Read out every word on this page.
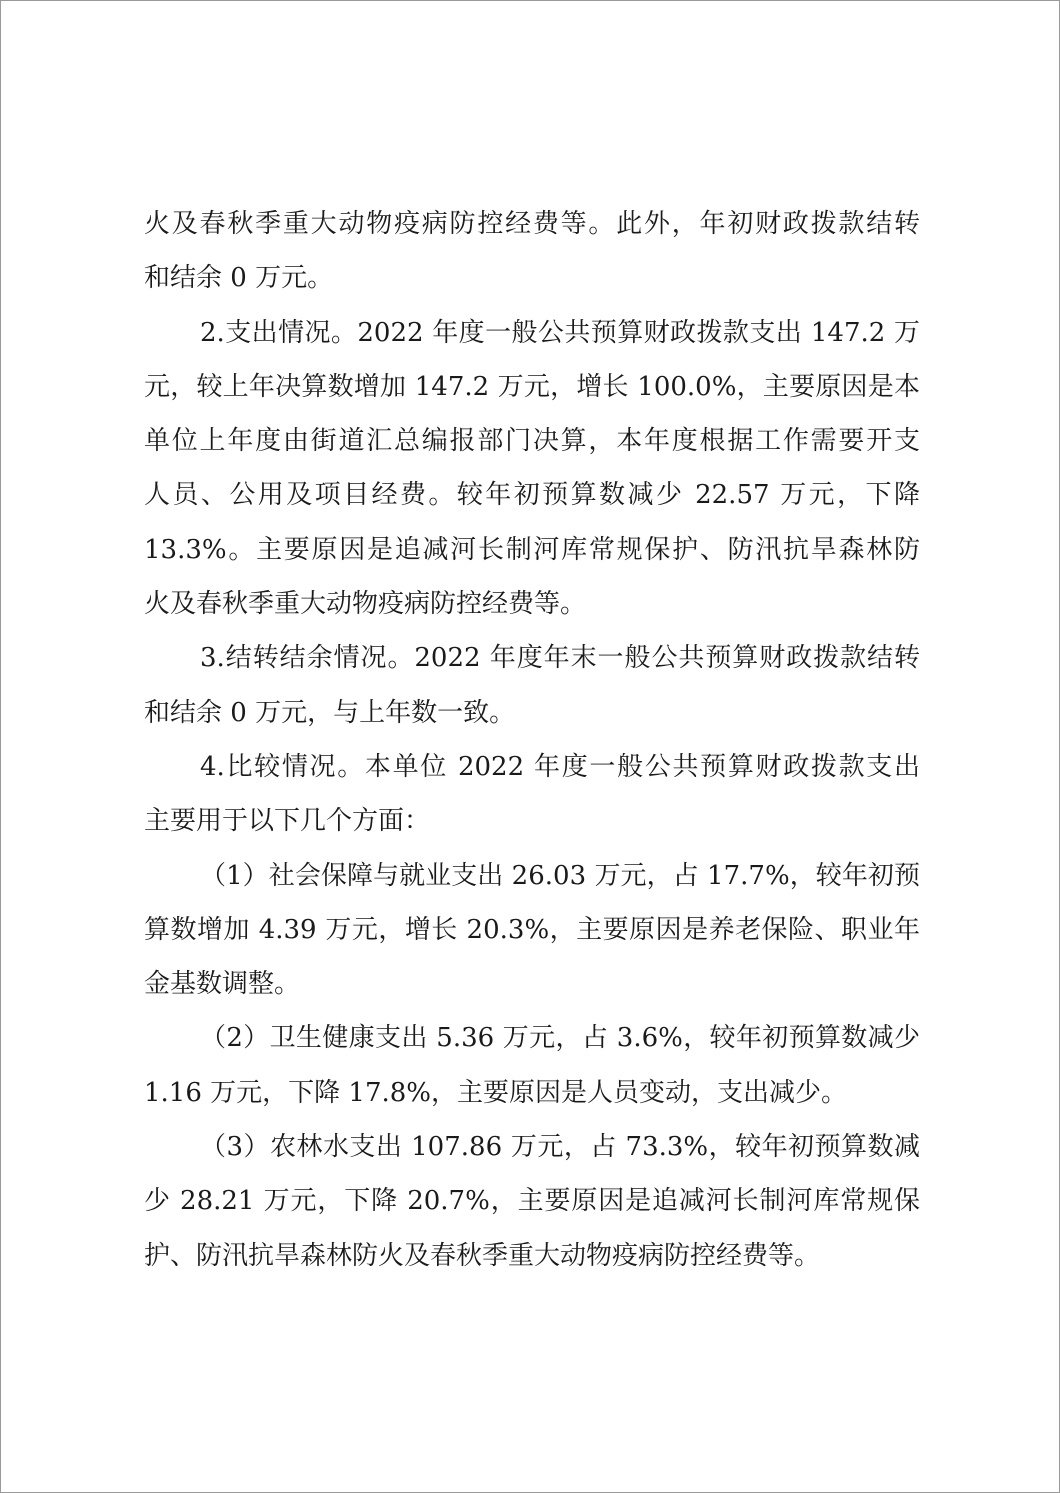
火及春秋季重大动物疫病防控经费等。此外，年初财政拨款结转
和结余 0 万元。
2.支出情况。2022 年度一般公共预算财政拨款支出 147.2 万
元，较上年决算数增加 147.2 万元，增长 100.0%，主要原因是本
单位上年度由街道汇总编报部门决算，本年度根据工作需要开支
人员、公用及项目经费。较年初预算数减少 22.57 万元，下降
13.3%。主要原因是追减河长制河库常规保护、防汛抗旱森林防
火及春秋季重大动物疫病防控经费等。
3.结转结余情况。2022 年度年末一般公共预算财政拨款结转
和结余 0 万元，与上年数一致。
4.比较情况。本单位 2022 年度一般公共预算财政拨款支出
主要用于以下几个方面：
（1）社会保障与就业支出 26.03 万元，占 17.7%，较年初预
算数增加 4.39 万元，增长 20.3%，主要原因是养老保险、职业年
金基数调整。
（2）卫生健康支出 5.36 万元，占 3.6%，较年初预算数减少
1.16 万元，下降 17.8%，主要原因是人员变动，支出减少。
（3）农林水支出 107.86 万元，占 73.3%，较年初预算数减
少 28.21 万元，下降 20.7%，主要原因是追减河长制河库常规保
护、防汛抗旱森林防火及春秋季重大动物疫病防控经费等。
